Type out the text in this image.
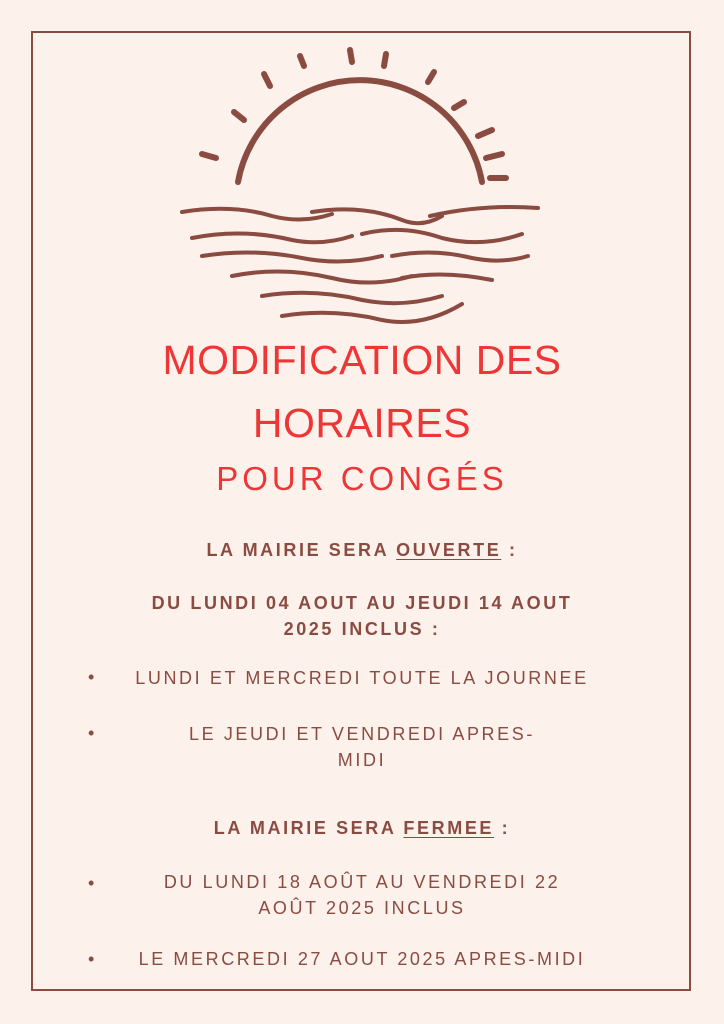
MODIFICATION DES
HORAIRES
POUR CONGÉS
LA MAIRIE SERA OUVERTE :
DU LUNDI 04 AOUT AU JEUDI 14 AOUT
2025 INCLUS :
•	LUNDI ET MERCREDI TOUTE LA JOURNEE
•	LE JEUDI ET VENDREDI APRES-
MIDI
LA MAIRIE SERA FERMEE :
•	DU LUNDI 18 AOÛT AU VENDREDI 22
AOÛT 2025 INCLUS
•	LE MERCREDI 27 AOUT 2025 APRES-MIDI
